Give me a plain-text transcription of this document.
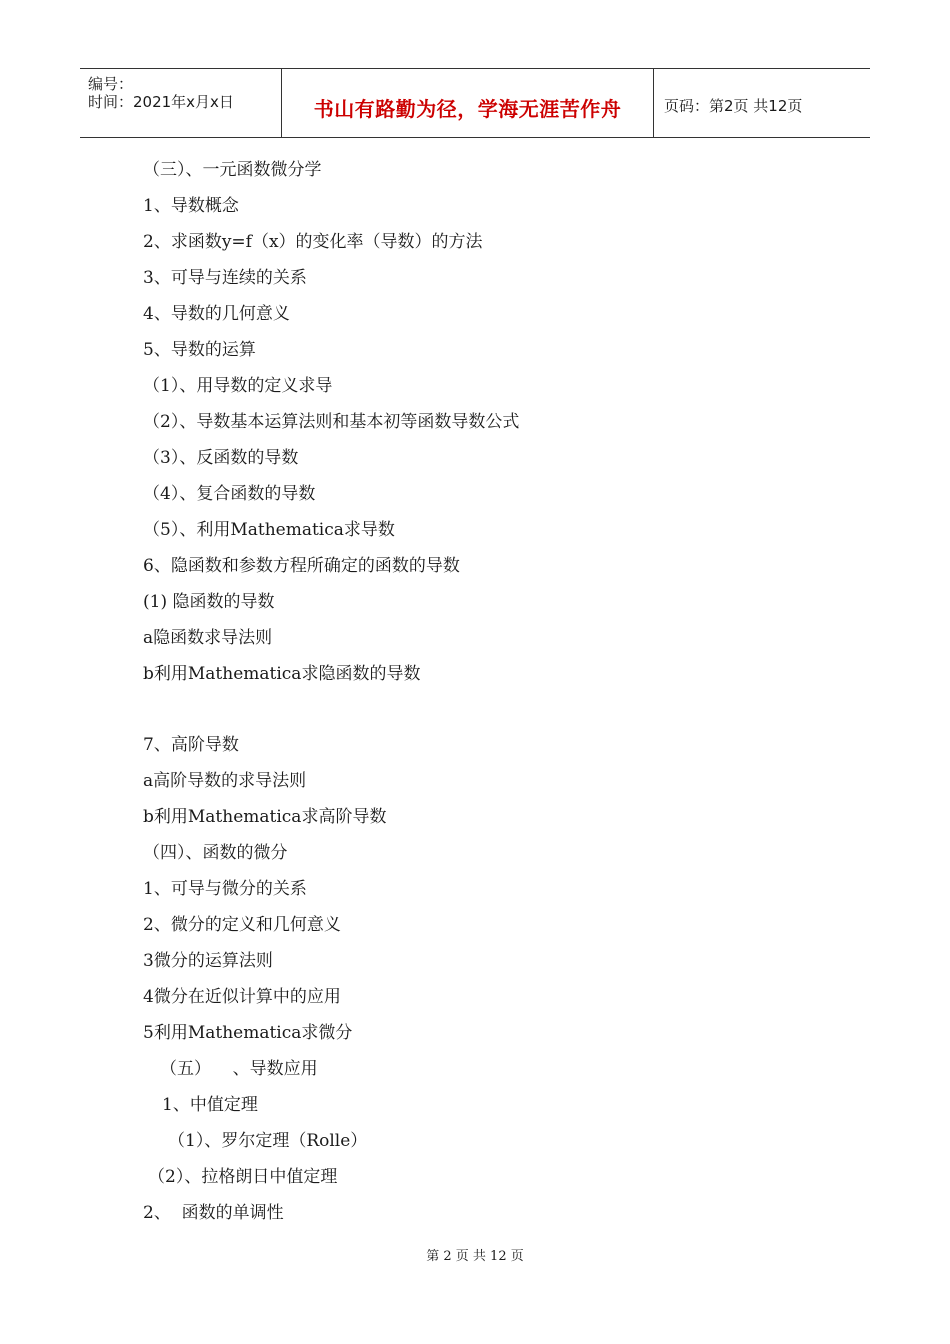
编号：
时间：2021年x月x日	书山有路勤为径，学海无涯苦作舟	页码：第2页 共12页
（三）、一元函数微分学
1、导数概念
2、求函数y=f（x）的变化率（导数）的方法
3、可导与连续的关系
4、导数的几何意义
5、导数的运算
（1）、用导数的定义求导
（2）、导数基本运算法则和基本初等函数导数公式
（3）、反函数的导数
（4）、复合函数的导数
（5）、利用Mathematica求导数
6、隐函数和参数方程所确定的函数的导数
(1) 隐函数的导数
a隐函数求导法则
b利用Mathematica求隐函数的导数
7、高阶导数
a高阶导数的求导法则
b利用Mathematica求高阶导数
（四）、函数的微分
1、可导与微分的关系
2、微分的定义和几何意义
3微分的运算法则
4微分在近似计算中的应用
5利用Mathematica求微分
（五）    、导数应用
1、中值定理
（1）、罗尔定理（Rolle）
（2）、拉格朗日中值定理
2、  函数的单调性
第 2 页 共 12 页
